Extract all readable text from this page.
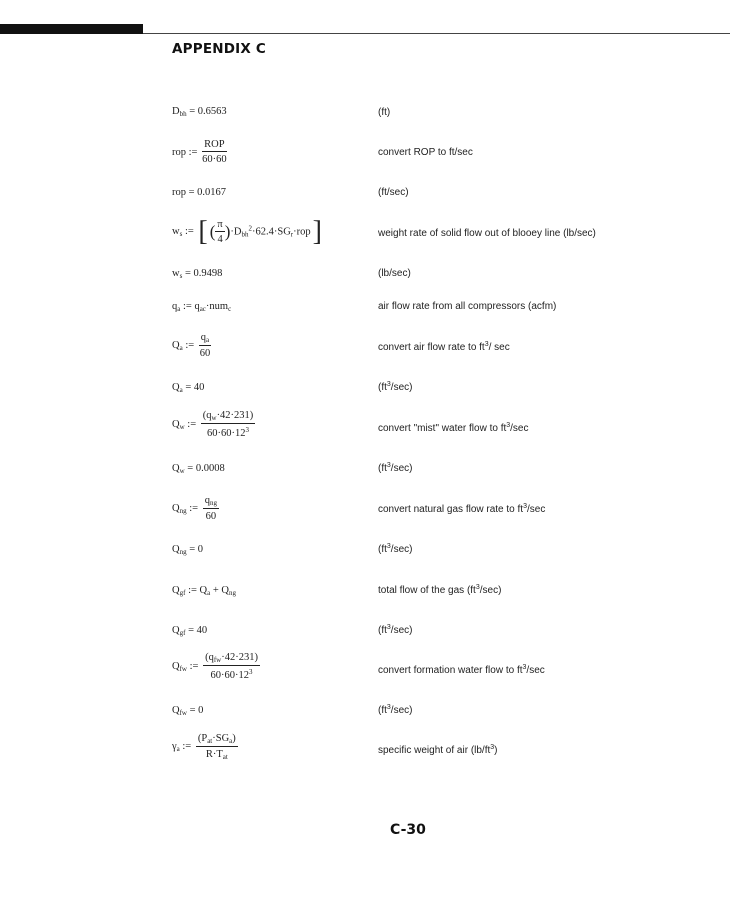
APPENDIX C
$D_{bh} = 0.6563$	(ft)
rop := $\frac{\text{ROP}}{60\cdot 60}$	convert ROP to ft/sec
rop = 0.0167	(ft/sec)
$w_s$ := [ ( $\frac{\pi}{4} )\cdot D_{bh}^2\cdot 62.4\cdot SG_r\cdot rop$]	weight rate of solid flow out of blooey line (lb/sec)
$w_s = 0.9498$	(lb/sec)
$q_a$ := $q_{ac}\cdot num_c$	air flow rate from all compressors (acfm)
$Q_a$ := $\frac{q_a}{60}$	convert air flow rate to $ft^3/$ sec
$Q_a = 40$	$(ft^3/\sec)$
$Q_w$ := $\frac{(q_w\cdot 42\cdot 231)}{60\cdot 60\cdot 12^3}$	convert "mist" water flow to $ft^3/\sec$
$Q_w = 0.0008$	$(ft^3/\sec)$
$Q_{ng}$ := $\frac{q_{ng}}{60}$	convert natural gas flow rate to $ft^3/\sec$
$Q_{ng} = 0$	$(ft^3/\sec)$
$Q_{gf}$ := $Q_a + Q_{ng}$	total flow of the gas $(ft^3/\sec)$
$Q_{gf} = 40$	$(ft^3/\sec)$
$Q_{fw}$ := $\frac{(q_{fw}\cdot 42\cdot 231)}{60\cdot 60\cdot 12^3}$	convert formation water flow to $ft^3/\sec$
$Q_{fw} = 0$	$(ft^3/\sec)$
$\gamma_a$ := $\frac{(P_{at}\cdot SG_a)}{R\cdot T_{at}}$	specific weight of air $(lb/ft^3)$
C-30
